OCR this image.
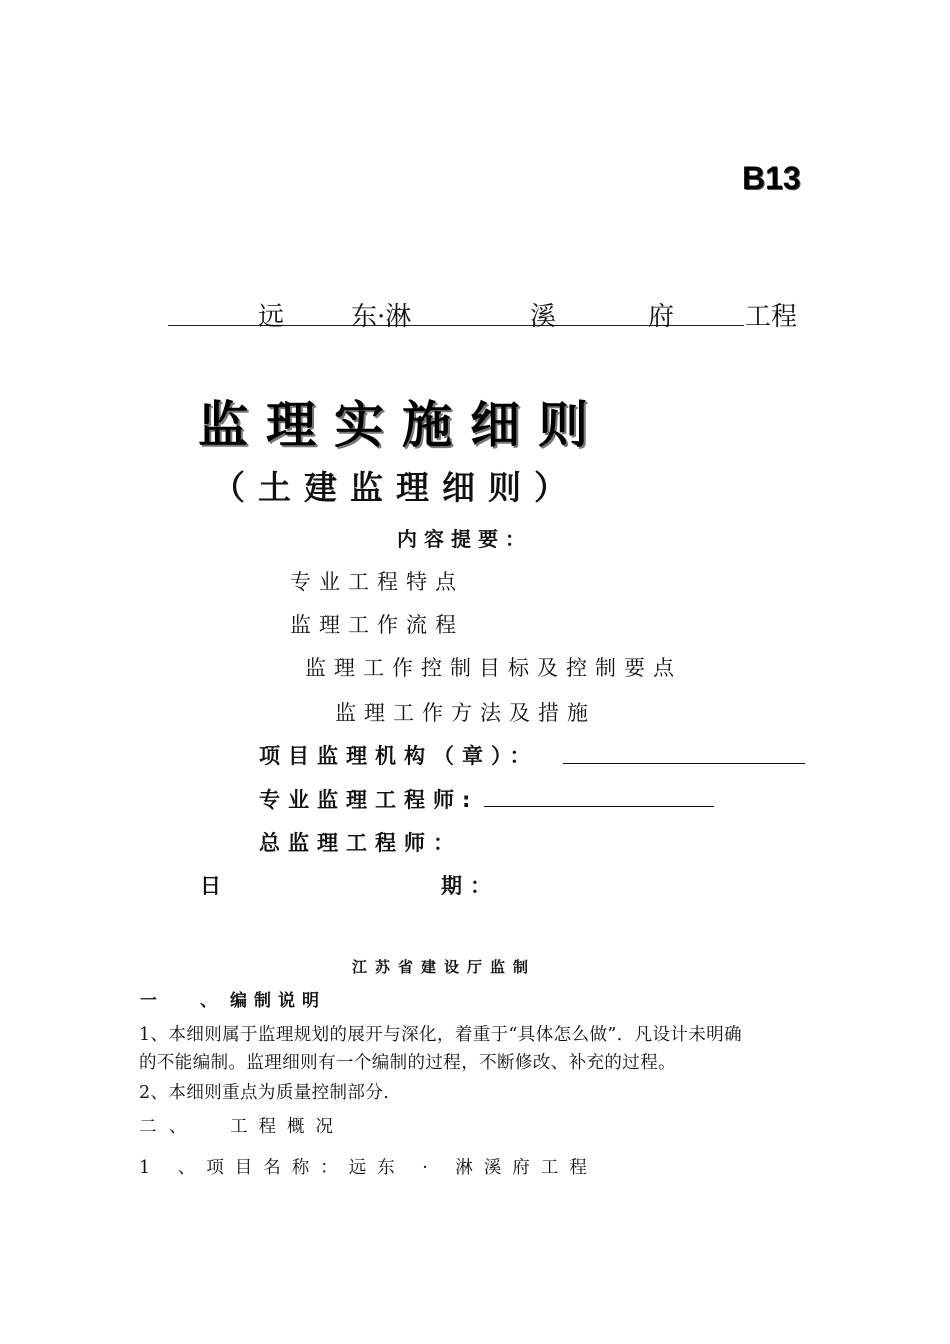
B13
远	东·淋	溪	府	工程
监理实施细则
（土建监理细则）
内容提要：
专业工程特点
监理工作流程
监理工作控制目标及控制要点
监理工作方法及措施
项目监理机构（章）：
专业监理工程师:
总监理工程师：
日	期：
江苏省建设厅监制
一	、 编制说明
1、本细则属于监理规划的展开与深化，着重于“具体怎么做”．凡设计未明确
的不能编制。监理细则有一个编制的过程，不断修改、补充的过程。
2、本细则重点为质量控制部分.
二 、 工程概况
1 、项目名称：远东 · 淋溪府工程
